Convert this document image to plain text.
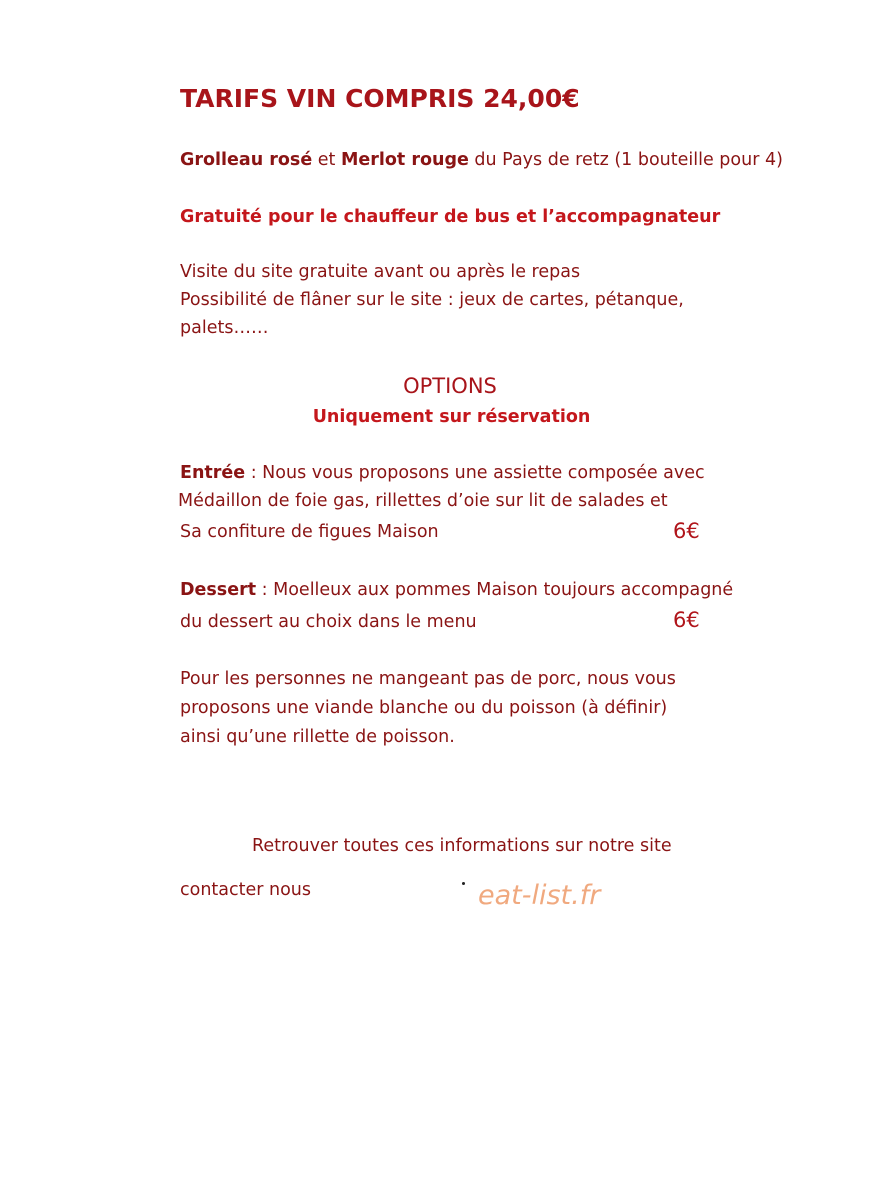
TARIFS VIN COMPRIS 24,00€
Grolleau rosé et Merlot rouge du Pays de retz (1 bouteille pour 4)
Gratuité pour le chauffeur de bus et l’accompagnateur
Visite du site gratuite avant ou après le repas
Possibilité de flâner sur le site : jeux de cartes, pétanque,
palets……
OPTIONS
Uniquement sur réservation
Entrée : Nous vous proposons une assiette composée avec
Médaillon de foie gas, rillettes d’oie sur lit de salades et
Sa confiture de figues Maison	6€
Dessert : Moelleux aux pommes Maison toujours accompagné
du dessert au choix dans le menu	6€
Pour les personnes ne mangeant pas de porc, nous vous
proposons une viande blanche ou du poisson (à définir)
ainsi qu’une rillette de poisson.
Retrouver toutes ces informations sur notre site
contacter nous	eat-list.fr
